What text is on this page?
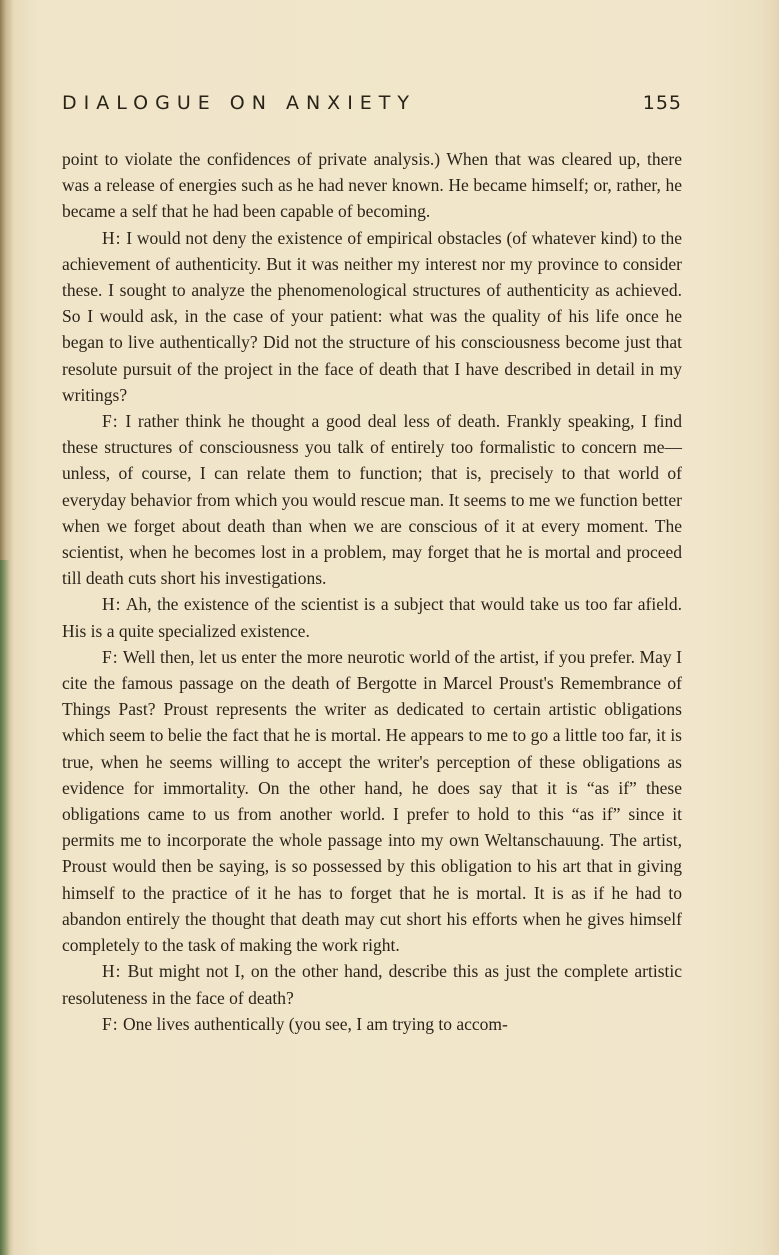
DIALOGUE ON ANXIETY	155

point to violate the confidences of private analysis.) When that was cleared up, there was a release of energies such as he had never known. He became himself; or, rather, he became a self that he had been capable of becoming.

H: I would not deny the existence of empirical obstacles (of whatever kind) to the achievement of authenticity. But it was neither my interest nor my province to consider these. I sought to analyze the phenomenological structures of authenticity as achieved. So I would ask, in the case of your patient: what was the quality of his life once he began to live authentically? Did not the structure of his consciousness become just that resolute pursuit of the project in the face of death that I have described in detail in my writings?

F: I rather think he thought a good deal less of death. Frankly speaking, I find these structures of consciousness you talk of entirely too formalistic to concern me—unless, of course, I can relate them to function; that is, precisely to that world of everyday behavior from which you would rescue man. It seems to me we function better when we forget about death than when we are conscious of it at every moment. The scientist, when he becomes lost in a problem, may forget that he is mortal and proceed till death cuts short his investigations.

H: Ah, the existence of the scientist is a subject that would take us too far afield. His is a quite specialized existence.

F: Well then, let us enter the more neurotic world of the artist, if you prefer. May I cite the famous passage on the death of Bergotte in Marcel Proust's Remembrance of Things Past? Proust represents the writer as dedicated to certain artistic obligations which seem to belie the fact that he is mortal. He appears to me to go a little too far, it is true, when he seems willing to accept the writer's perception of these obligations as evidence for immortality. On the other hand, he does say that it is “as if” these obligations came to us from another world. I prefer to hold to this “as if” since it permits me to incorporate the whole passage into my own Weltanschauung. The artist, Proust would then be saying, is so possessed by this obligation to his art that in giving himself to the practice of it he has to forget that he is mortal. It is as if he had to abandon entirely the thought that death may cut short his efforts when he gives himself completely to the task of making the work right.

H: But might not I, on the other hand, describe this as just the complete artistic resoluteness in the face of death?

F: One lives authentically (you see, I am trying to accom-
